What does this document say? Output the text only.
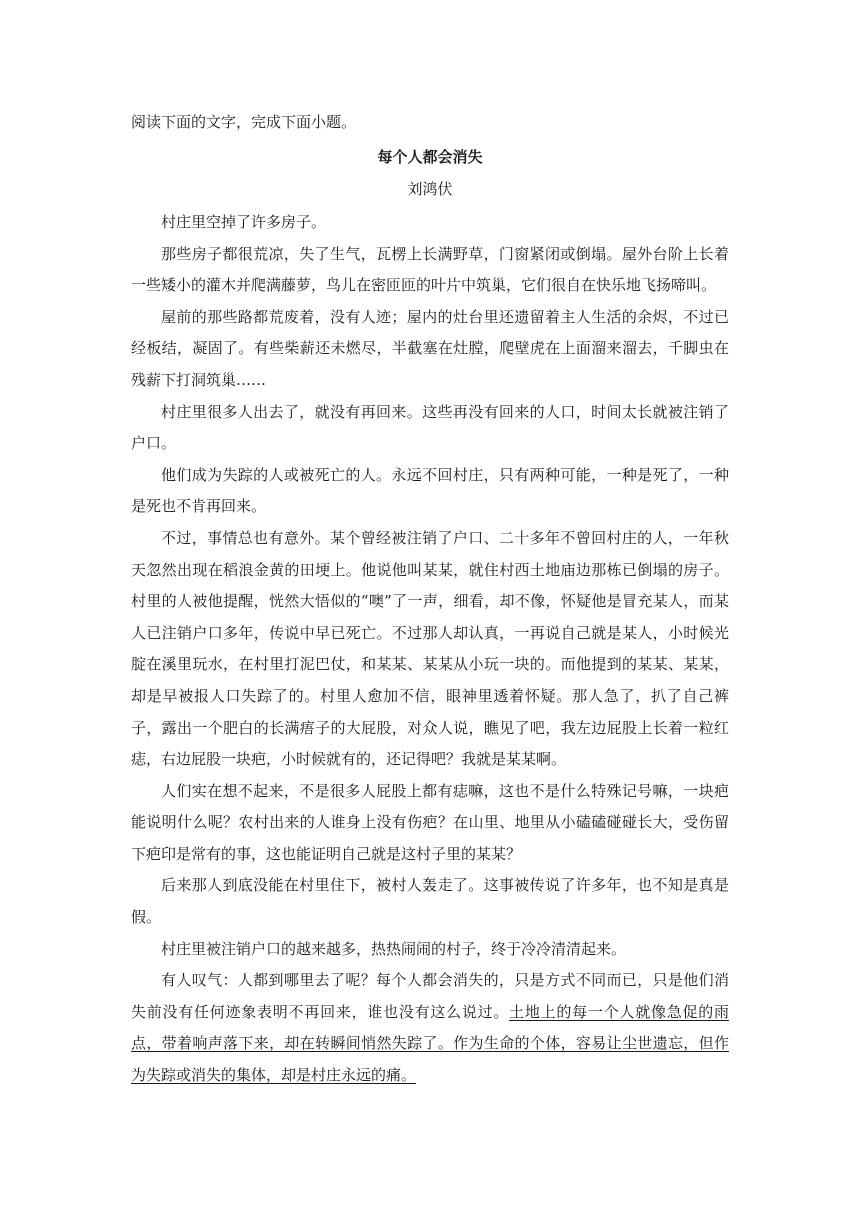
阅读下面的文字，完成下面小题。
每个人都会消失
刘鸿伏

村庄里空掉了许多房子。

那些房子都很荒凉，失了生气，瓦楞上长满野草，门窗紧闭或倒塌。屋外台阶上长着一些矮小的灌木并爬满藤萝，鸟儿在密匝匝的叶片中筑巢，它们很自在快乐地飞扬啼叫。

屋前的那些路都荒废着，没有人迹；屋内的灶台里还遗留着主人生活的余烬，不过已经板结，凝固了。有些柴薪还未燃尽，半截塞在灶膛，爬壁虎在上面溜来溜去，千脚虫在残薪下打洞筑巢……

村庄里很多人出去了，就没有再回来。这些再没有回来的人口，时间太长就被注销了户口。

他们成为失踪的人或被死亡的人。永远不回村庄，只有两种可能，一种是死了，一种是死也不肯再回来。

不过，事情总也有意外。某个曾经被注销了户口、二十多年不曾回村庄的人，一年秋天忽然出现在稻浪金黄的田埂上。他说他叫某某，就住村西土地庙边那栋已倒塌的房子。村里的人被他提醒，恍然大悟似的“噢”了一声，细看，却不像，怀疑他是冒充某人，而某人已注销户口多年，传说中早已死亡。不过那人却认真，一再说自己就是某人，小时候光腚在溪里玩水，在村里打泥巴仗，和某某、某某从小玩一块的。而他提到的某某、某某，却是早被报人口失踪了的。村里人愈加不信，眼神里透着怀疑。那人急了，扒了自己裤子，露出一个肥白的长满痦子的大屁股，对众人说，瞧见了吧，我左边屁股上长着一粒红痣，右边屁股一块疤，小时候就有的，还记得吧？我就是某某啊。

人们实在想不起来，不是很多人屁股上都有痣嘛，这也不是什么特殊记号嘛，一块疤能说明什么呢？农村出来的人谁身上没有伤疤？在山里、地里从小磕磕碰碰长大，受伤留下疤印是常有的事，这也能证明自己就是这村子里的某某？

后来那人到底没能在村里住下，被村人轰走了。这事被传说了许多年，也不知是真是假。

村庄里被注销户口的越来越多，热热闹闹的村子，终于冷冷清清起来。

有人叹气：人都到哪里去了呢？每个人都会消失的，只是方式不同而已，只是他们消失前没有任何迹象表明不再回来，谁也没有这么说过。土地上的每一个人就像急促的雨点，带着响声落下来，却在转瞬间悄然失踪了。作为生命的个体，容易让尘世遗忘，但作为失踪或消失的集体，却是村庄永远的痛。
